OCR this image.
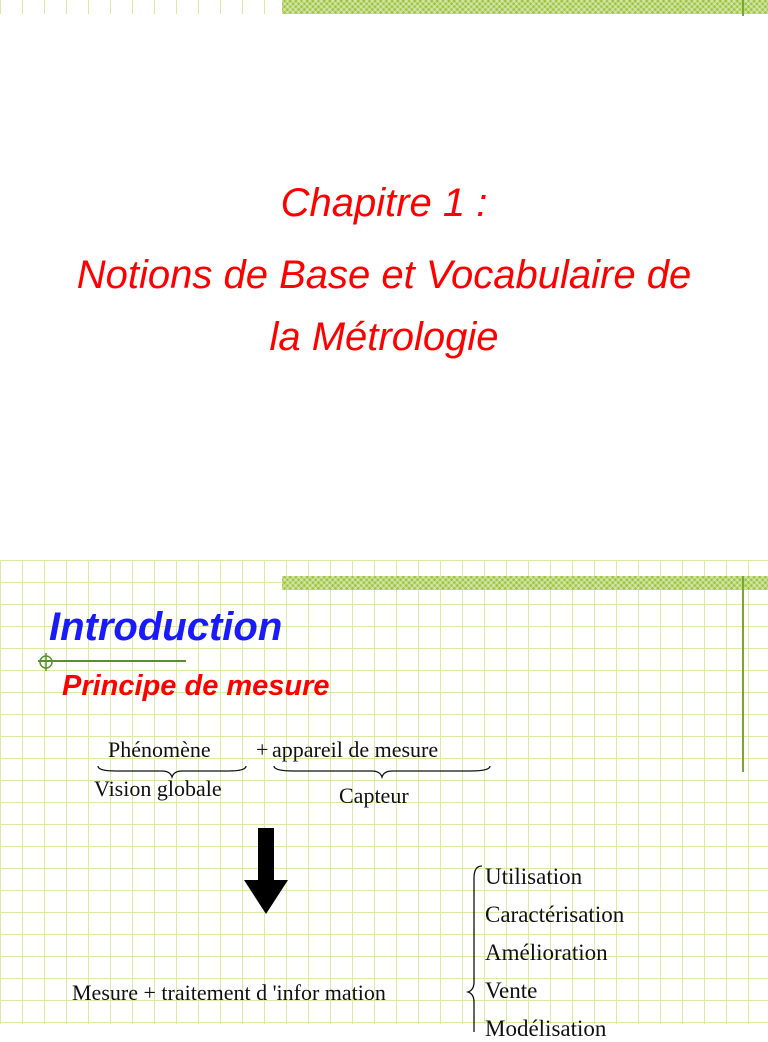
Chapitre 1 :
Notions de Base et Vocabulaire de
la Métrologie
Introduction
Principe de mesure
Phénomène + appareil de mesure
Vision globale	Capteur
Mesure + traitement d 'infor mation
Utilisation
Caractérisation
Amélioration
Vente
Modélisation
